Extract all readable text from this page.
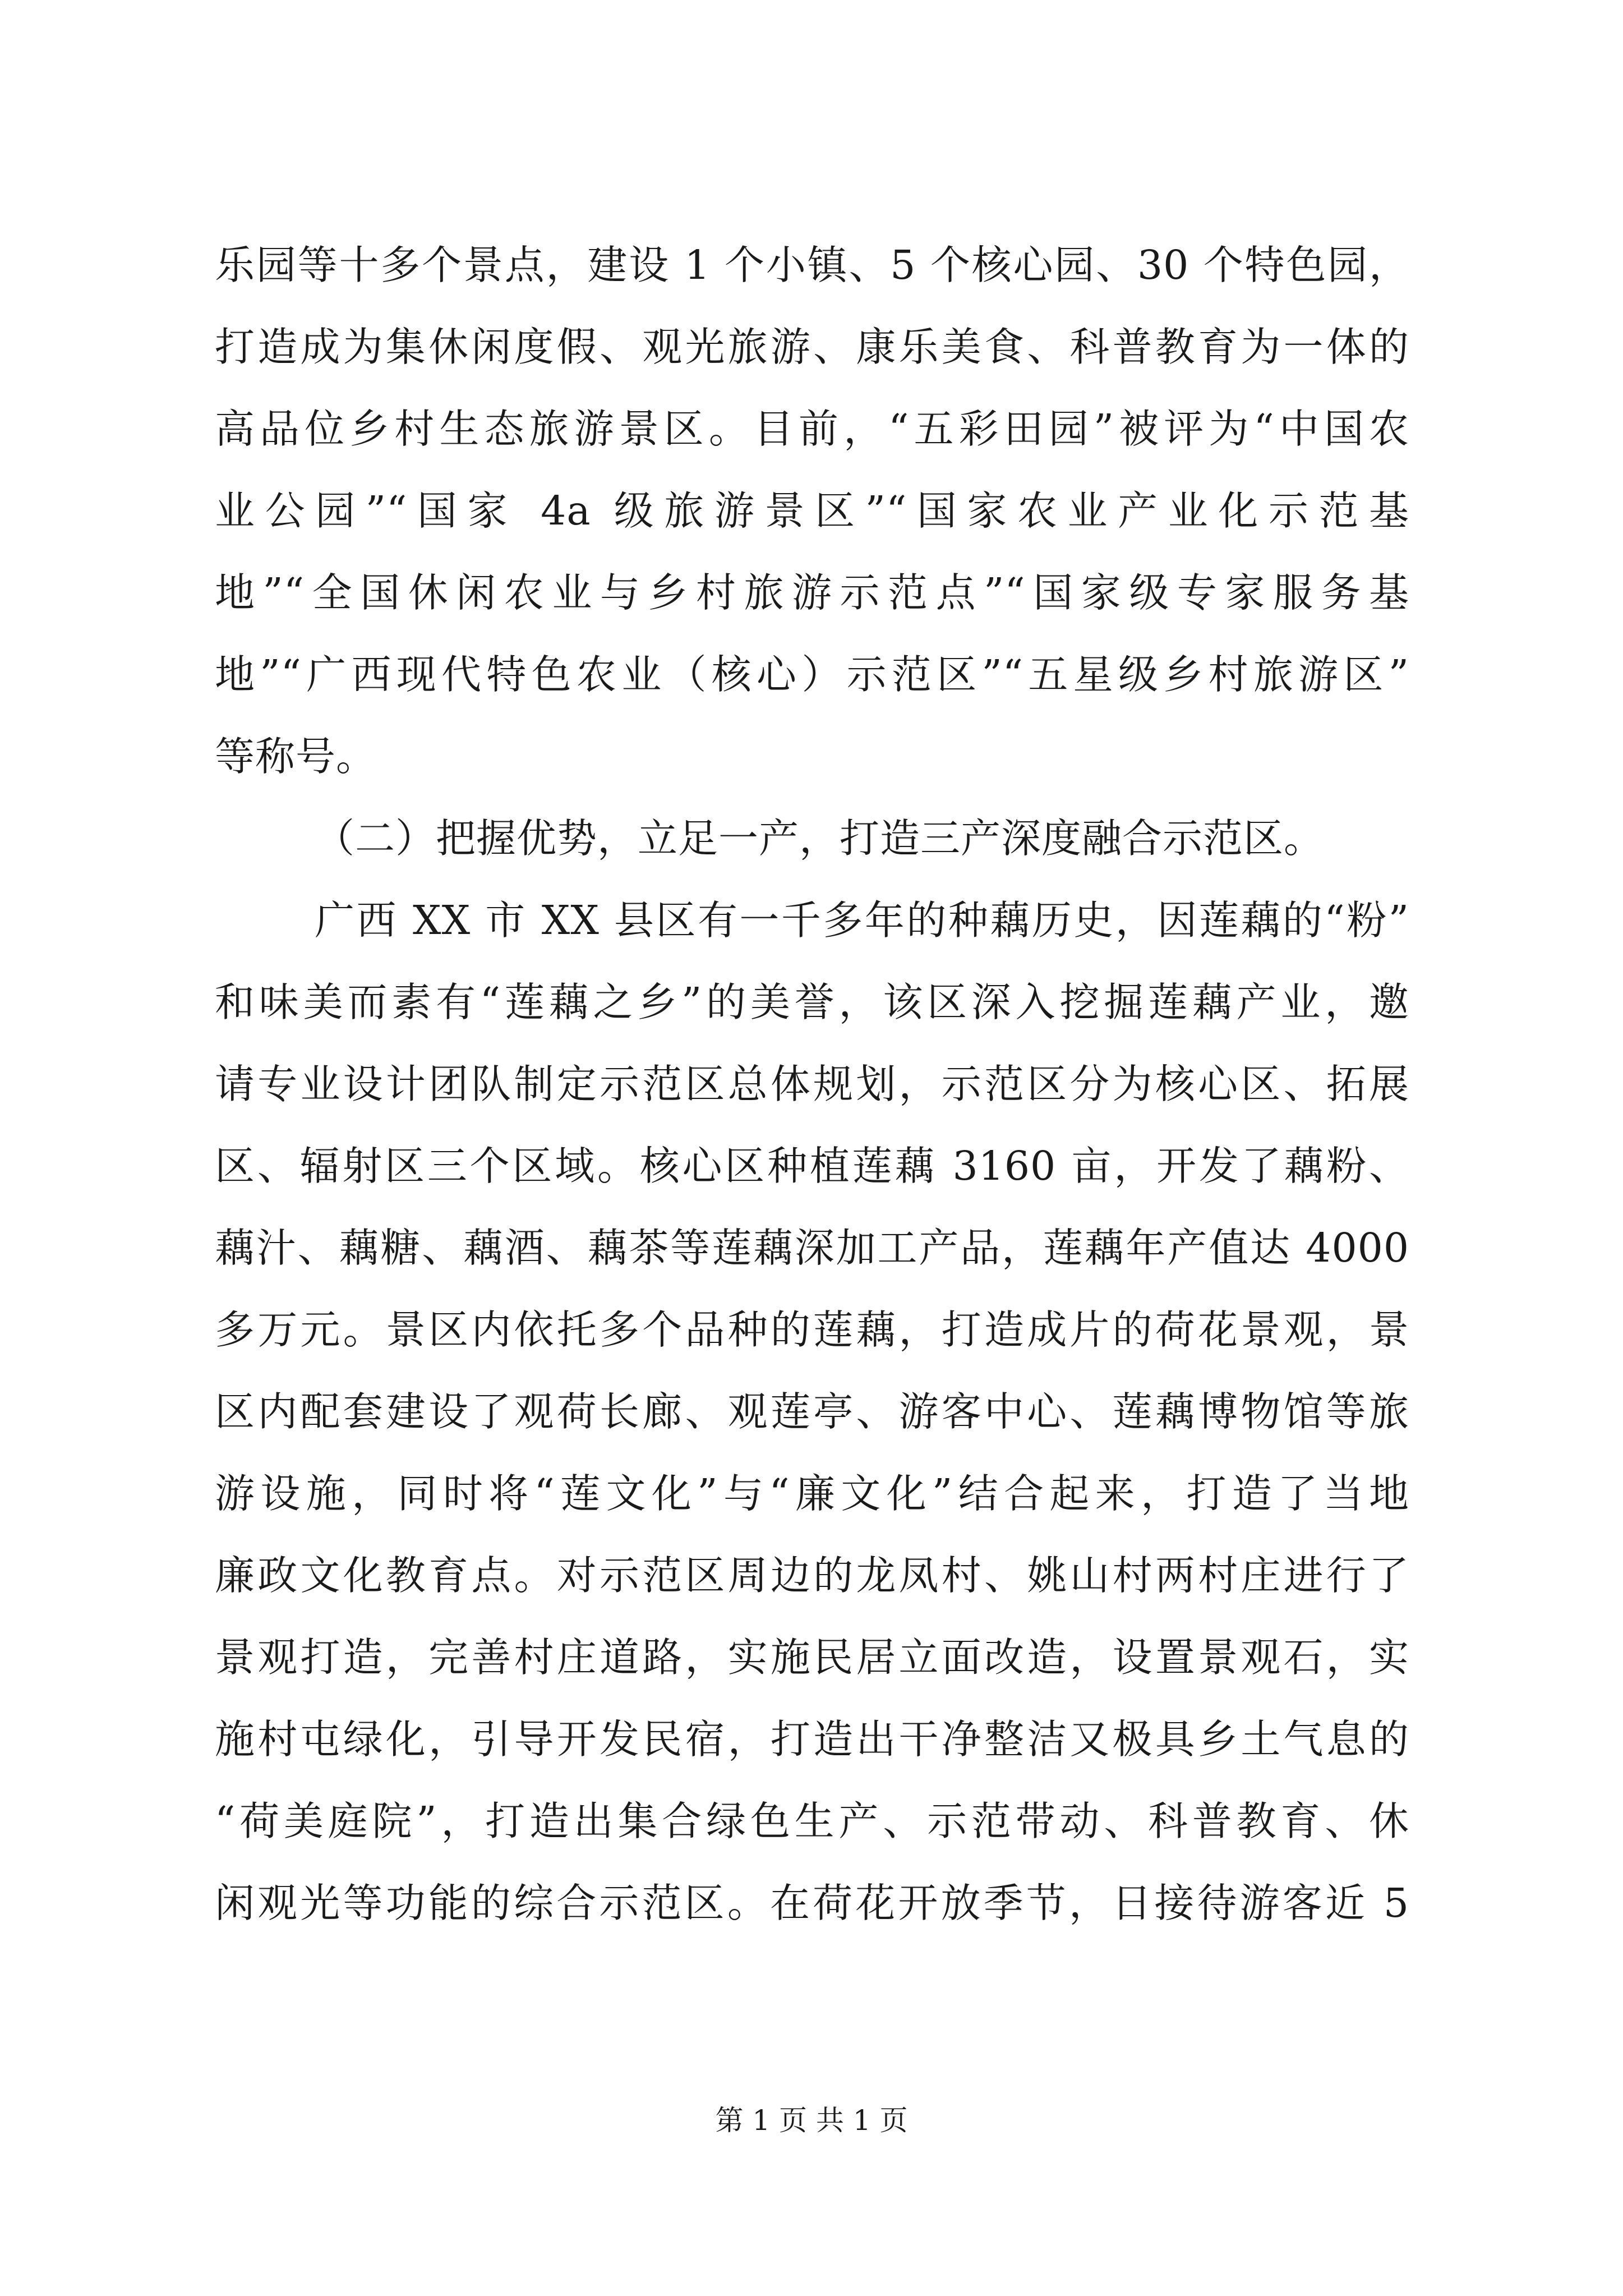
乐园等十多个景点，建设 1 个小镇、5 个核心园、30 个特色园，
打造成为集休闲度假、观光旅游、康乐美食、科普教育为一体的
高品位乡村生态旅游景区。目前，“五彩田园”被评为“中国农
业公园”“国家 4a 级旅游景区”“国家农业产业化示范基
地”“全国休闲农业与乡村旅游示范点”“国家级专家服务基
地”“广西现代特色农业（核心）示范区”“五星级乡村旅游区”
等称号。
（二）把握优势，立足一产，打造三产深度融合示范区。
广西 XX 市 XX 县区有一千多年的种藕历史，因莲藕的“粉”
和味美而素有“莲藕之乡”的美誉，该区深入挖掘莲藕产业，邀
请专业设计团队制定示范区总体规划，示范区分为核心区、拓展
区、辐射区三个区域。核心区种植莲藕 3160 亩，开发了藕粉、
藕汁、藕糖、藕酒、藕茶等莲藕深加工产品，莲藕年产值达 4000
多万元。景区内依托多个品种的莲藕，打造成片的荷花景观，景
区内配套建设了观荷长廊、观莲亭、游客中心、莲藕博物馆等旅
游设施，同时将“莲文化”与“廉文化”结合起来，打造了当地
廉政文化教育点。对示范区周边的龙凤村、姚山村两村庄进行了
景观打造，完善村庄道路，实施民居立面改造，设置景观石，实
施村屯绿化，引导开发民宿，打造出干净整洁又极具乡土气息的
“荷美庭院”，打造出集合绿色生产、示范带动、科普教育、休
闲观光等功能的综合示范区。在荷花开放季节，日接待游客近 5
第 1 页 共 1 页
